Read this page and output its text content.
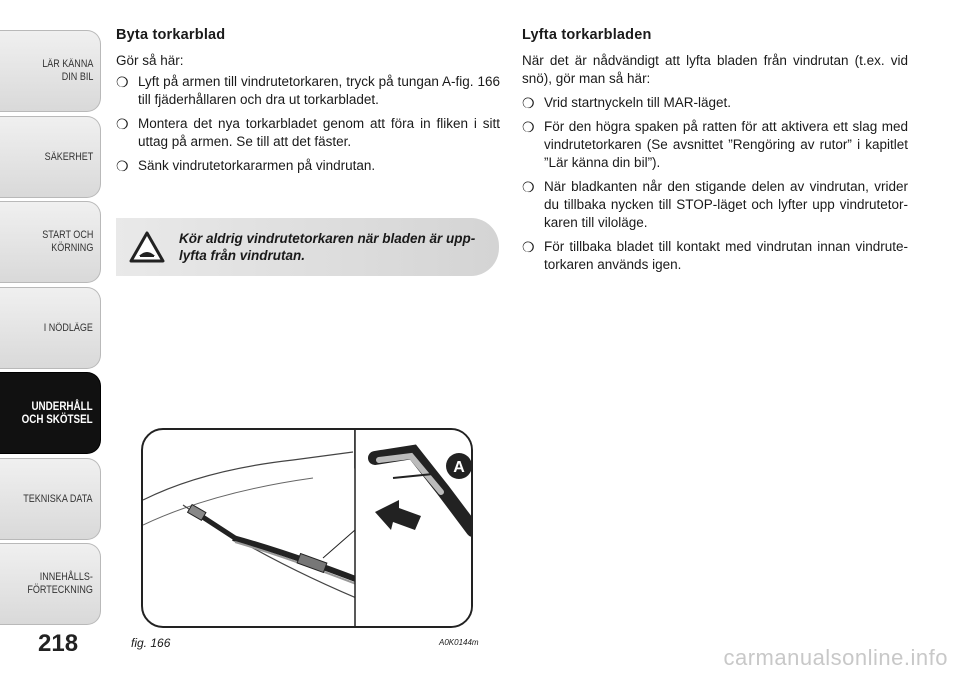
LÄR KÄNNA
DIN BIL
SÄKERHET
START OCH
KÖRNING
I NÖDLÄGE
UNDERHÅLL
OCH SKÖTSEL
TEKNISKA DATA
INNEHÅLLS-
FÖRTECKNING
218
Byta torkarblad

Gör så här:

❍ Lyft på armen till vindrutetorkaren, tryck på tungan A-fig. 166 till fjäderhållaren och dra ut torkarbladet.
❍ Montera det nya torkarbladet genom att föra in fliken i sitt uttag på armen. Se till att det fäster.
❍ Sänk vindrutetorkararmen på vindrutan.
Kör aldrig vindrutetorkaren när bladen är upp-lyfta från vindrutan.
Lyfta torkarbladen

När det är nådvändigt att lyfta bladen från vindrutan (t.ex. vid snö), gör man så här:

❍ Vrid startnyckeln till MAR-läget.
❍ För den högra spaken på ratten för att aktivera ett slag med vindrutetorkaren (Se avsnittet ”Rengöring av rutor” i kapitlet ”Lär känna din bil”).
❍ När bladkanten når den stigande delen av vindrutan, vrider du tillbaka nycken till STOP-läget och lyfter upp vindrutetor-karen till viloläge.
❍ För tillbaka bladet till kontakt med vindrutan innan vindrute-torkaren används igen.
A
fig. 166	A0K0144m
carmanualsonline.info
